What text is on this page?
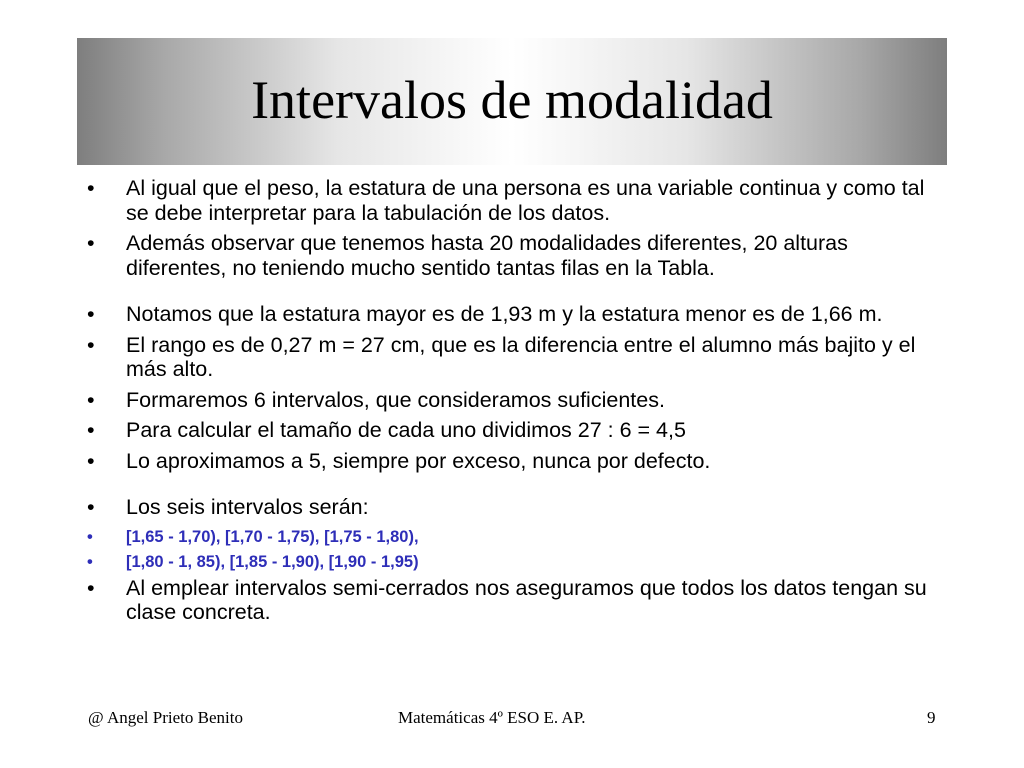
Intervalos de modalidad
• Al igual que el peso, la estatura de una persona es una variable continua y como tal se debe interpretar para la tabulación de los datos.
• Además observar que tenemos hasta 20 modalidades diferentes, 20 alturas diferentes, no teniendo mucho sentido tantas filas en la Tabla.
• Notamos que la estatura mayor es de 1,93 m y la estatura menor es de 1,66 m.
• El rango es de 0,27 m = 27 cm, que es la diferencia entre el alumno más bajito y el más alto.
• Formaremos 6 intervalos, que consideramos suficientes.
• Para calcular el tamaño de cada uno dividimos 27 : 6 = 4,5
• Lo aproximamos a 5, siempre por exceso, nunca por defecto.
• Los seis intervalos serán:
• [1,65 - 1,70), [1,70 - 1,75), [1,75 - 1,80),
• [1,80 - 1, 85), [1,85 - 1,90), [1,90 - 1,95)
• Al emplear intervalos semi-cerrados nos aseguramos que todos los datos tengan su clase concreta.
@ Angel Prieto Benito	Matemáticas 4º ESO E. AP.	9
